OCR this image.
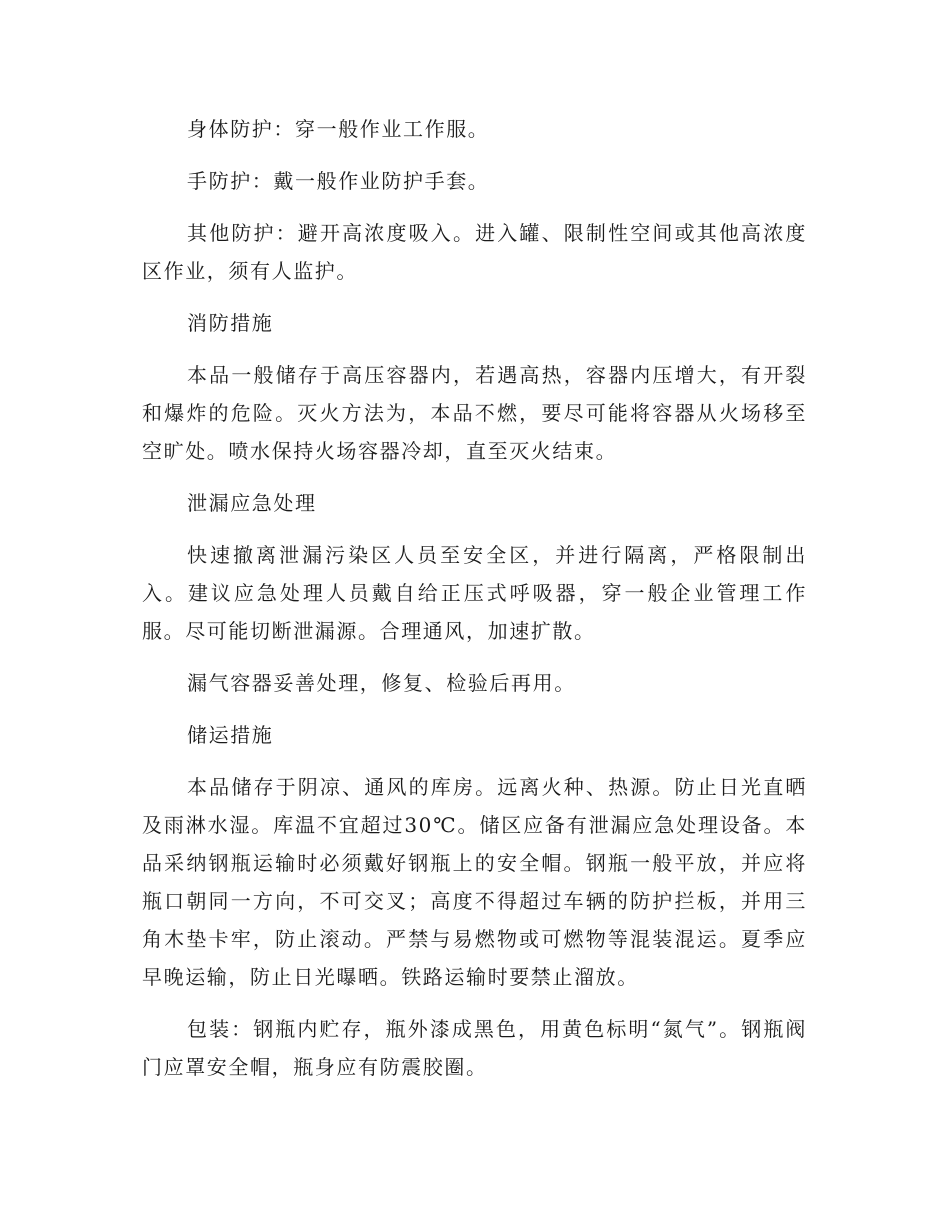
身体防护：穿一般作业工作服。

手防护：戴一般作业防护手套。

其他防护：避开高浓度吸入。进入罐、限制性空间或其他高浓度区作业，须有人监护。

消防措施

本品一般储存于高压容器内，若遇高热，容器内压增大，有开裂和爆炸的危险。灭火方法为，本品不燃，要尽可能将容器从火场移至空旷处。喷水保持火场容器冷却，直至灭火结束。

泄漏应急处理

快速撤离泄漏污染区人员至安全区，并进行隔离，严格限制出入。建议应急处理人员戴自给正压式呼吸器，穿一般企业管理工作服。尽可能切断泄漏源。合理通风，加速扩散。

漏气容器妥善处理，修复、检验后再用。

储运措施

本品储存于阴凉、通风的库房。远离火种、热源。防止日光直晒及雨淋水湿。库温不宜超过30℃。储区应备有泄漏应急处理设备。本品采纳钢瓶运输时必须戴好钢瓶上的安全帽。钢瓶一般平放，并应将瓶口朝同一方向，不可交叉；高度不得超过车辆的防护拦板，并用三角木垫卡牢，防止滚动。严禁与易燃物或可燃物等混装混运。夏季应早晚运输，防止日光曝晒。铁路运输时要禁止溜放。

包装：钢瓶内贮存，瓶外漆成黑色，用黄色标明“氮气”。钢瓶阀门应罩安全帽，瓶身应有防震胶圈。
